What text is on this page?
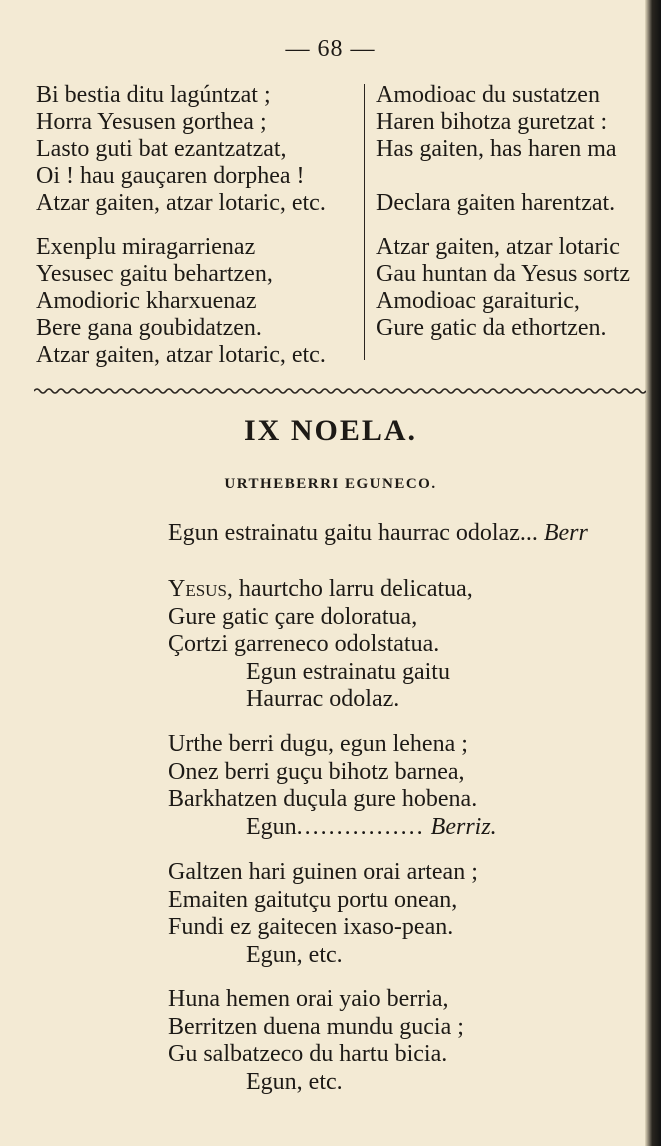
— 68 —
Bi bestia ditu lagúntzat ;
Horra Yesusen gorthea ;
Lasto guti bat ezantzatzat,
Oi ! hau gauçaren dorphea !
Atzar gaiten, atzar lotaric, etc.
Exenplu miragarrienaz
Yesusec gaitu behartzen,
Amodioric kharxuenaz
Bere gana goubidatzen.
Atzar gaiten, atzar lotaric, etc.
Amodioac du sustatzen
Haren bihotza guretzat :
Has gaiten, has haren ma
Declara gaiten harentzat.
Atzar gaiten, atzar lotaric
Gau huntan da Yesus sortz
Amodioac garaituric,
Gure gatic da ethortzen.
IX NOELA.
URTHEBERRI EGUNECO.
Egun estrainatu gaitu haurrac odolaz... Berr
Yesus, haurtcho larru delicatua,
Gure gatic çare doloratua,
Çortzi garreneco odolstatua.
Egun estrainatu gaitu
Haurrac odolaz.
Urthe berri dugu, egun lehena ;
Onez berri guçu bihotz barnea,
Barkhatzen duçula gure hobena.
Egun................ Berriz.
Galtzen hari guinen orai artean ;
Emaiten gaitutçu portu onean,
Fundi ez gaitecen ixaso-pean.
Egun, etc.
Huna hemen orai yaio berria,
Berritzen duena mundu gucia ;
Gu salbatzeco du hartu bicia.
Egun, etc.
